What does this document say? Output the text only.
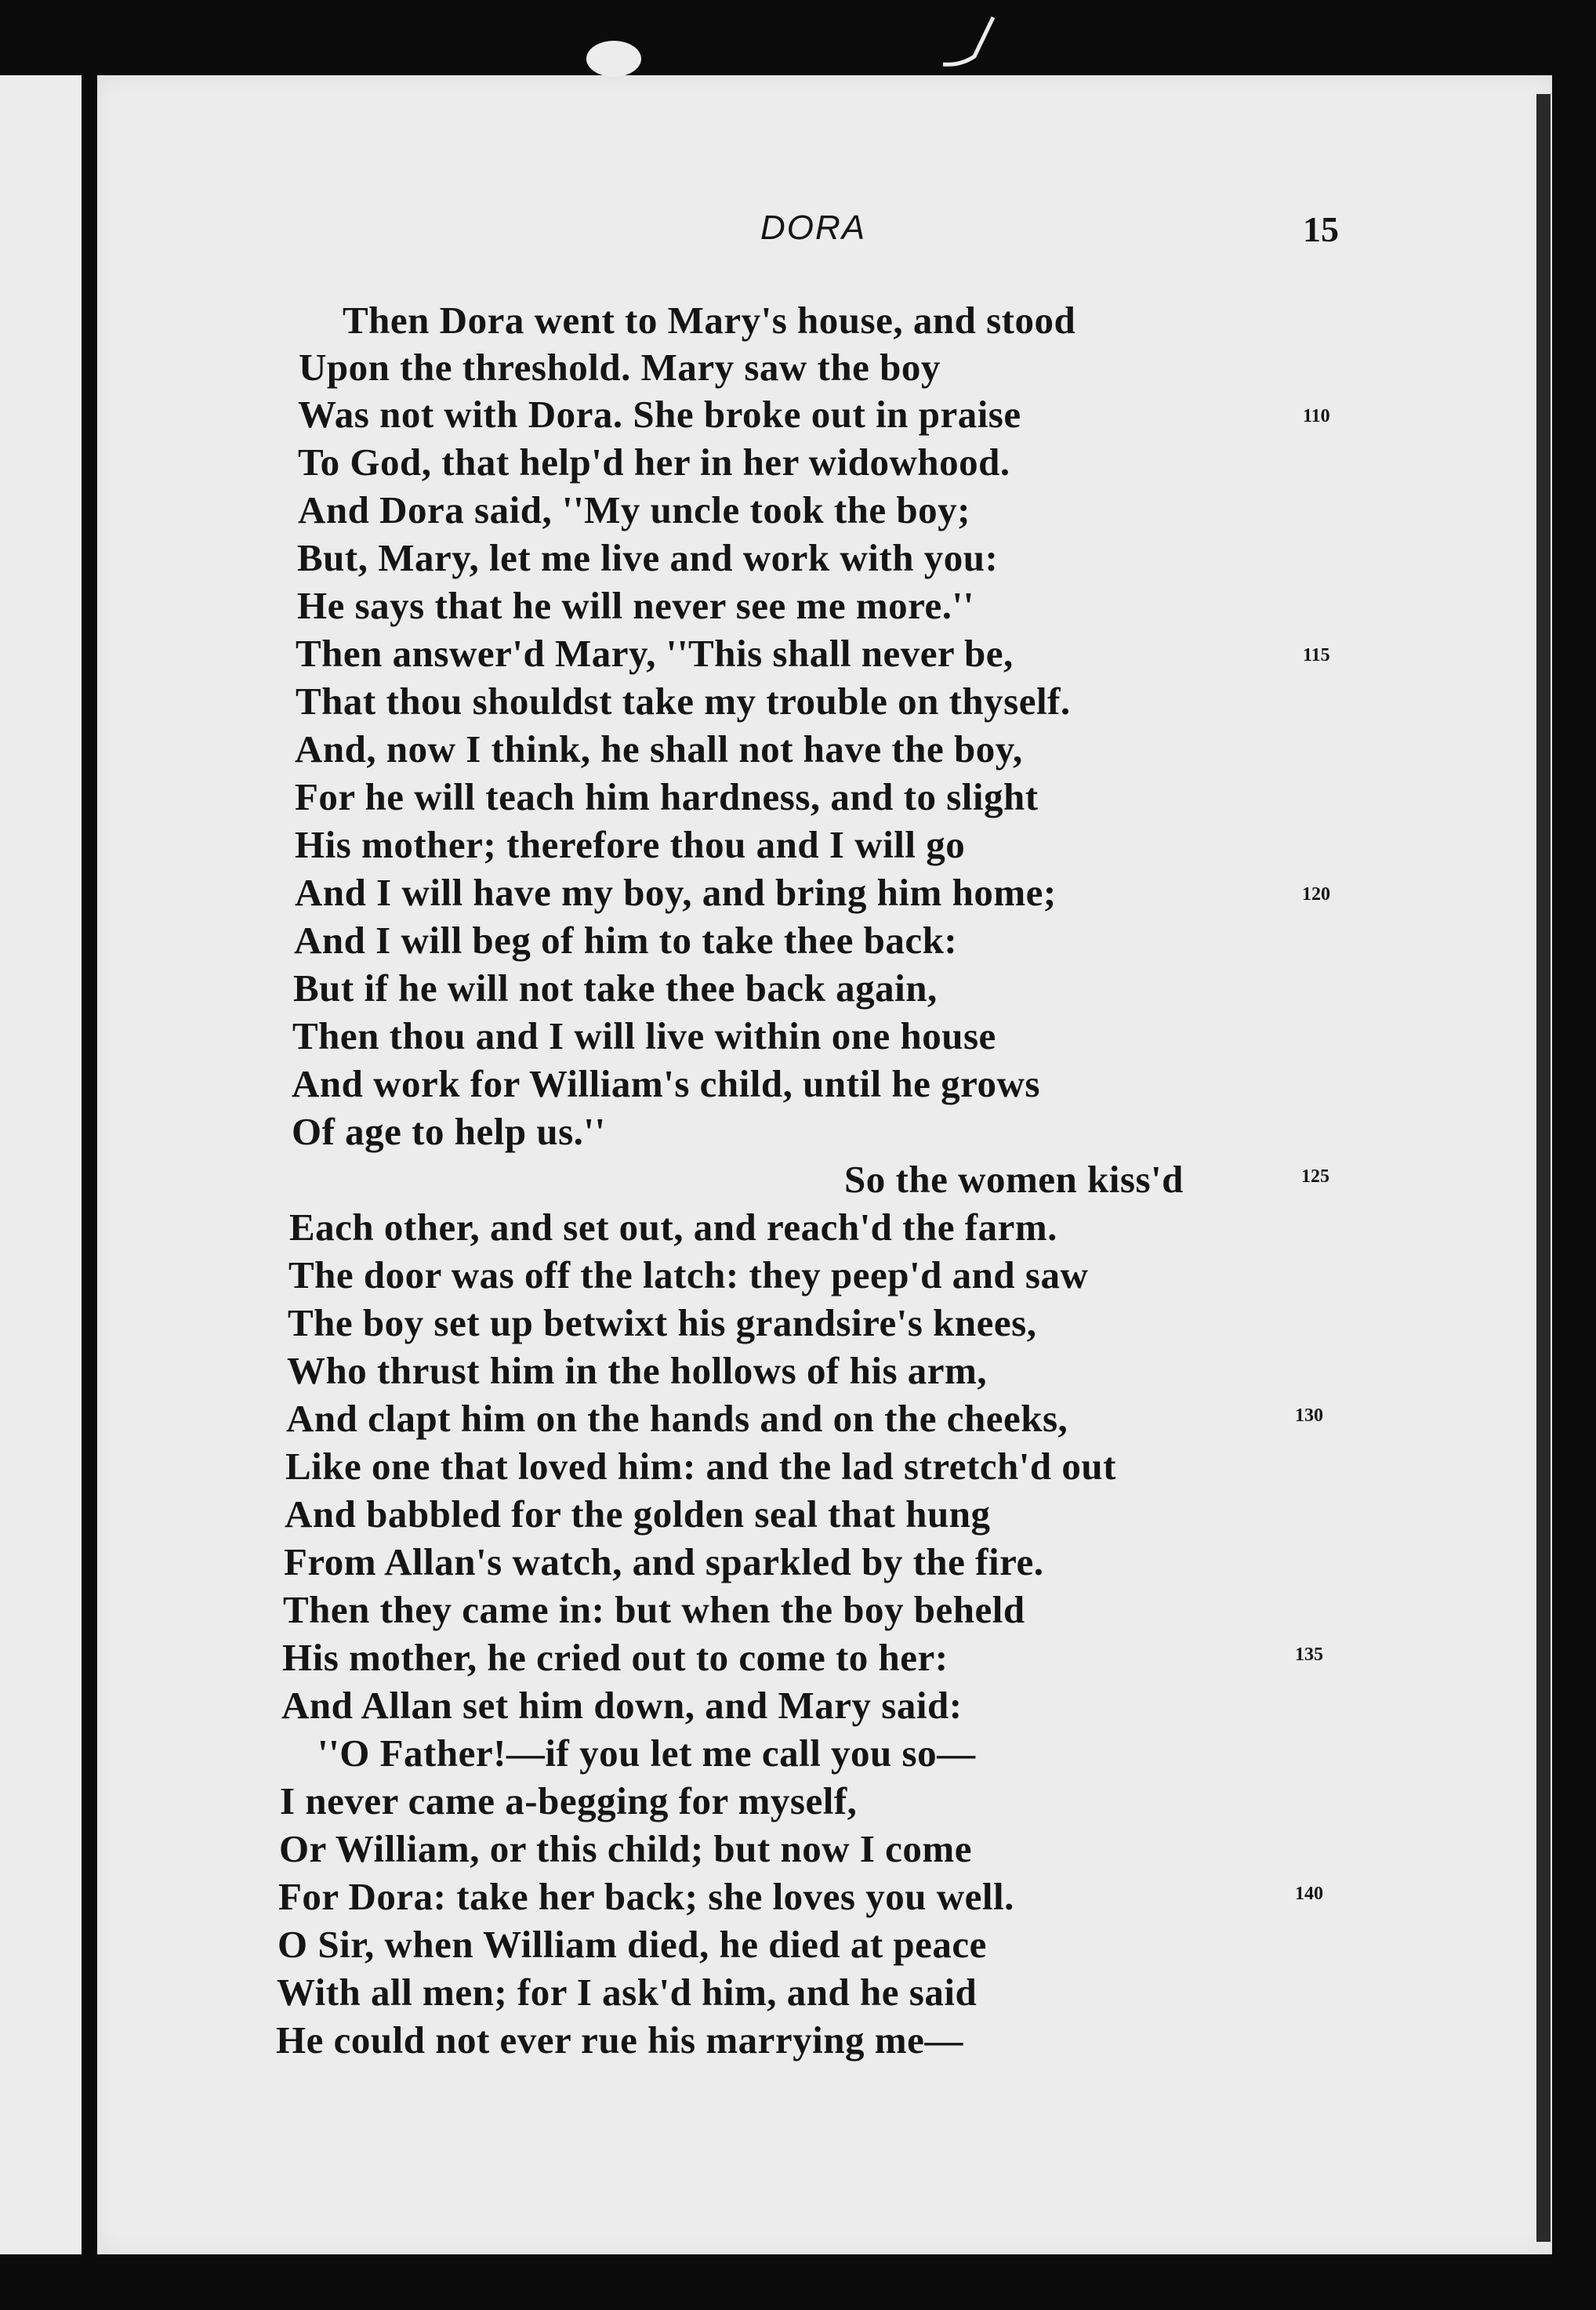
DORA	15
Then Dora went to Mary's house, and stood
Upon the threshold. Mary saw the boy
Was not with Dora. She broke out in praise
To God, that help'd her in her widowhood.
And Dora said, ''My uncle took the boy;
But, Mary, let me live and work with you:
He says that he will never see me more.''
Then answer'd Mary, ''This shall never be,
That thou shouldst take my trouble on thyself.
And, now I think, he shall not have the boy,
For he will teach him hardness, and to slight
His mother; therefore thou and I will go
And I will have my boy, and bring him home;
And I will beg of him to take thee back:
But if he will not take thee back again,
Then thou and I will live within one house
And work for William's child, until he grows
Of age to help us.''
So the women kiss'd
Each other, and set out, and reach'd the farm.
The door was off the latch: they peep'd and saw
The boy set up betwixt his grandsire's knees,
Who thrust him in the hollows of his arm,
And clapt him on the hands and on the cheeks,
Like one that loved him: and the lad stretch'd out
And babbled for the golden seal that hung
From Allan's watch, and sparkled by the fire.
Then they came in: but when the boy beheld
His mother, he cried out to come to her:
And Allan set him down, and Mary said:
''O Father!—if you let me call you so—
I never came a-begging for myself,
Or William, or this child; but now I come
For Dora: take her back; she loves you well.
O Sir, when William died, he died at peace
With all men; for I ask'd him, and he said
He could not ever rue his marrying me—
110
115
120
125
130
135
140
